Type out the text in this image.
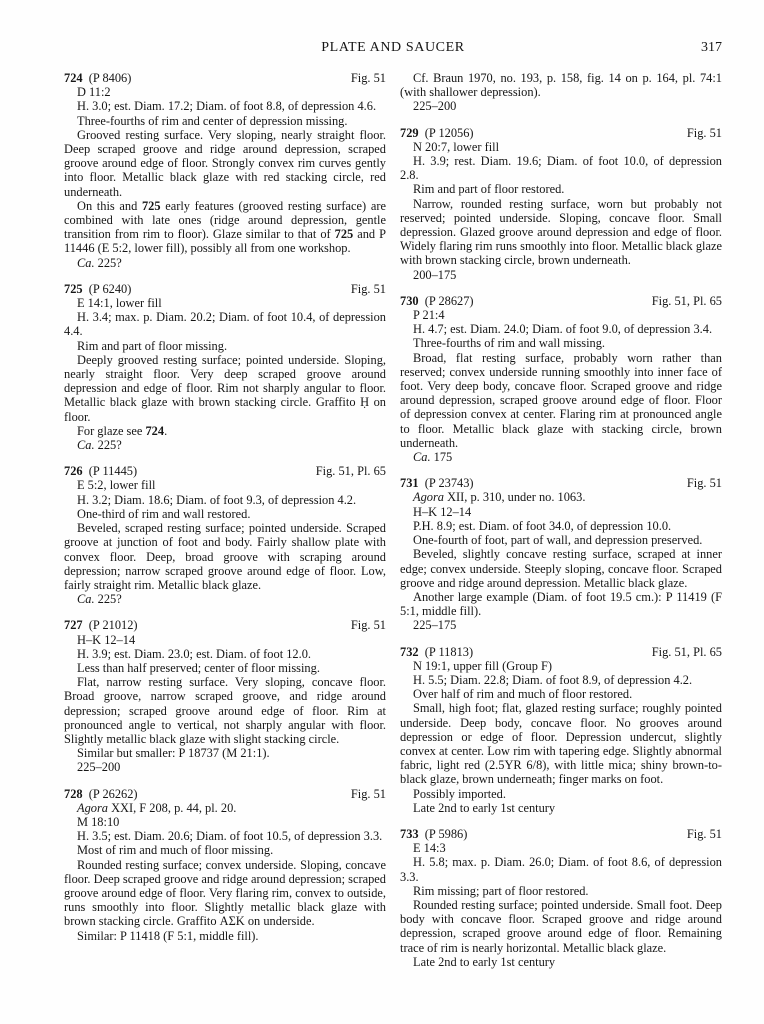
PLATE AND SAUCER	317
724 (P 8406)	Fig. 51

D 11:2

H. 3.0; est. Diam. 17.2; Diam. of foot 8.8, of depression 4.6.

Three-fourths of rim and center of depression missing.

Grooved resting surface. Very sloping, nearly straight floor. Deep scraped groove and ridge around depression, scraped groove around edge of floor. Strongly convex rim curves gently into floor. Metallic black glaze with red stacking circle, red underneath.

On this and 725 early features (grooved resting surface) are combined with late ones (ridge around depression, gentle transition from rim to floor). Glaze similar to that of 725 and P 11446 (E 5:2, lower fill), possibly all from one workshop.

Ca. 225?

725 (P 6240)	Fig. 51

E 14:1, lower fill

H. 3.4; max. p. Diam. 20.2; Diam. of foot 10.4, of depression 4.4.

Rim and part of floor missing.

Deeply grooved resting surface; pointed underside. Sloping, nearly straight floor. Very deep scraped groove around depression and edge of floor. Rim not sharply angular to floor. Metallic black glaze with brown stacking circle. Graffito Ḥ on floor.

For glaze see 724.

Ca. 225?

726 (P 11445)	Fig. 51, Pl. 65

E 5:2, lower fill

H. 3.2; Diam. 18.6; Diam. of foot 9.3, of depression 4.2.

One-third of rim and wall restored.

Beveled, scraped resting surface; pointed underside. Scraped groove at junction of foot and body. Fairly shallow plate with convex floor. Deep, broad groove with scraping around depression; narrow scraped groove around edge of floor. Low, fairly straight rim. Metallic black glaze.

Ca. 225?

727 (P 21012)	Fig. 51

H–K 12–14

H. 3.9; est. Diam. 23.0; est. Diam. of foot 12.0.

Less than half preserved; center of floor missing.

Flat, narrow resting surface. Very sloping, concave floor. Broad groove, narrow scraped groove, and ridge around depression; scraped groove around edge of floor. Rim at pronounced angle to vertical, not sharply angular with floor. Slightly metallic black glaze with slight stacking circle.

Similar but smaller: P 18737 (M 21:1).

225–200

728 (P 26262)	Fig. 51

Agora XXI, F 208, p. 44, pl. 20.

M 18:10

H. 3.5; est. Diam. 20.6; Diam. of foot 10.5, of depression 3.3.

Most of rim and much of floor missing.

Rounded resting surface; convex underside. Sloping, concave floor. Deep scraped groove and ridge around depression; scraped groove around edge of floor. Very flaring rim, convex to outside, runs smoothly into floor. Slightly metallic black glaze with brown stacking circle. Graffito ΑΣΚ on underside.

Similar: P 11418 (F 5:1, middle fill).

Cf. Braun 1970, no. 193, p. 158, fig. 14 on p. 164, pl. 74:1 (with shallower depression).

225–200

729 (P 12056)	Fig. 51

N 20:7, lower fill

H. 3.9; rest. Diam. 19.6; Diam. of foot 10.0, of depression 2.8.

Rim and part of floor restored.

Narrow, rounded resting surface, worn but probably not reserved; pointed underside. Sloping, concave floor. Small depression. Glazed groove around depression and edge of floor. Widely flaring rim runs smoothly into floor. Metallic black glaze with brown stacking circle, brown underneath.

200–175

730 (P 28627)	Fig. 51, Pl. 65

P 21:4

H. 4.7; est. Diam. 24.0; Diam. of foot 9.0, of depression 3.4.

Three-fourths of rim and wall missing.

Broad, flat resting surface, probably worn rather than reserved; convex underside running smoothly into inner face of foot. Very deep body, concave floor. Scraped groove and ridge around depression, scraped groove around edge of floor. Floor of depression convex at center. Flaring rim at pronounced angle to floor. Metallic black glaze with stacking circle, brown underneath.

Ca. 175

731 (P 23743)	Fig. 51

Agora XII, p. 310, under no. 1063.

H–K 12–14

P.H. 8.9; est. Diam. of foot 34.0, of depression 10.0.

One-fourth of foot, part of wall, and depression preserved.

Beveled, slightly concave resting surface, scraped at inner edge; convex underside. Steeply sloping, concave floor. Scraped groove and ridge around depression. Metallic black glaze.

Another large example (Diam. of foot 19.5 cm.): P 11419 (F 5:1, middle fill).

225–175

732 (P 11813)	Fig. 51, Pl. 65

N 19:1, upper fill (Group F)

H. 5.5; Diam. 22.8; Diam. of foot 8.9, of depression 4.2.

Over half of rim and much of floor restored.

Small, high foot; flat, glazed resting surface; roughly pointed underside. Deep body, concave floor. No grooves around depression or edge of floor. Depression undercut, slightly convex at center. Low rim with tapering edge. Slightly abnormal fabric, light red (2.5YR 6/8), with little mica; shiny brown-to-black glaze, brown underneath; finger marks on foot.

Possibly imported.

Late 2nd to early 1st century

733 (P 5986)	Fig. 51

E 14:3

H. 5.8; max. p. Diam. 26.0; Diam. of foot 8.6, of depression 3.3.

Rim missing; part of floor restored.

Rounded resting surface; pointed underside. Small foot. Deep body with concave floor. Scraped groove and ridge around depression, scraped groove around edge of floor. Remaining trace of rim is nearly horizontal. Metallic black glaze.

Late 2nd to early 1st century
